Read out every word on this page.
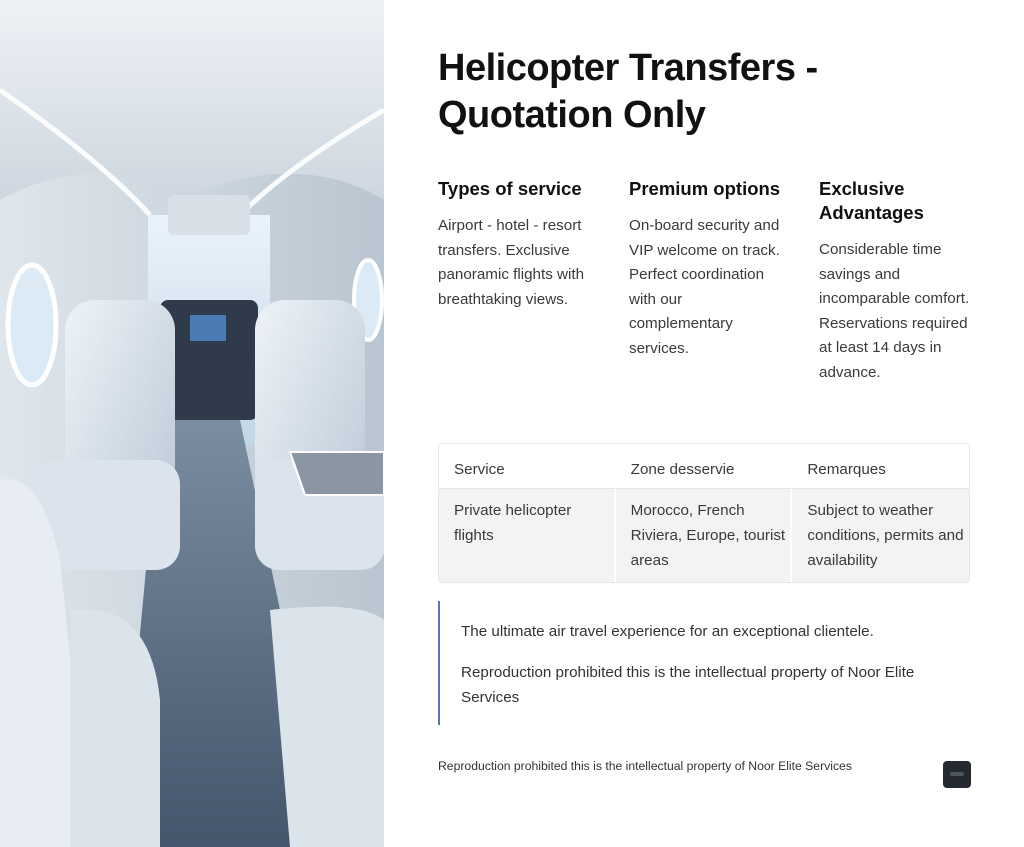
Helicopter Transfers - Quotation Only
Types of service

Airport - hotel - resort transfers. Exclusive panoramic flights with breathtaking views.

Premium options

On-board security and VIP welcome on track. Perfect coordination with our complementary services.

Exclusive Advantages

Considerable time savings and incomparable comfort. Reservations required at least 14 days in advance.

Service	Zone desservie	Remarques
Private helicopter flights
Morocco, French Riviera, Europe, tourist areas
Subject to weather conditions, permits and availability

The ultimate air travel experience for an exceptional clientele.

Reproduction prohibited this is the intellectual property of Noor Elite Services

Reproduction prohibited this is the intellectual property of Noor Elite Services
